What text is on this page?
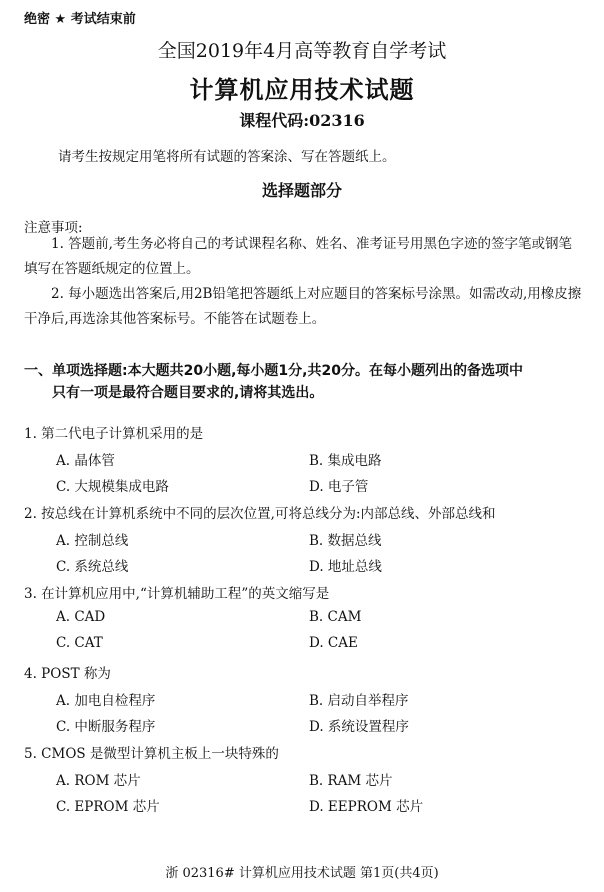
绝密 ★ 考试结束前
全国2019年4月高等教育自学考试
计算机应用技术试题
课程代码:02316
请考生按规定用笔将所有试题的答案涂、写在答题纸上。
选择题部分
注意事项:
1. 答题前,考生务必将自己的考试课程名称、姓名、准考证号用黑色字迹的签字笔或钢笔填写在答题纸规定的位置上。
2. 每小题选出答案后,用2B铅笔把答题纸上对应题目的答案标号涂黑。如需改动,用橡皮擦干净后,再选涂其他答案标号。不能答在试题卷上。
一、单项选择题:本大题共20小题,每小题1分,共20分。在每小题列出的备选项中
只有一项是最符合题目要求的,请将其选出。
1. 第二代电子计算机采用的是
A. 晶体管	B. 集成电路
C. 大规模集成电路	D. 电子管
2. 按总线在计算机系统中不同的层次位置,可将总线分为:内部总线、外部总线和
A. 控制总线	B. 数据总线
C. 系统总线	D. 地址总线
3. 在计算机应用中,“计算机辅助工程”的英文缩写是
A. CAD	B. CAM
C. CAT	D. CAE
4. POST 称为
A. 加电自检程序	B. 启动自举程序
C. 中断服务程序	D. 系统设置程序
5. CMOS 是微型计算机主板上一块特殊的
A. ROM 芯片	B. RAM 芯片
C. EPROM 芯片	D. EEPROM 芯片
浙 02316# 计算机应用技术试题 第1页(共4页)
